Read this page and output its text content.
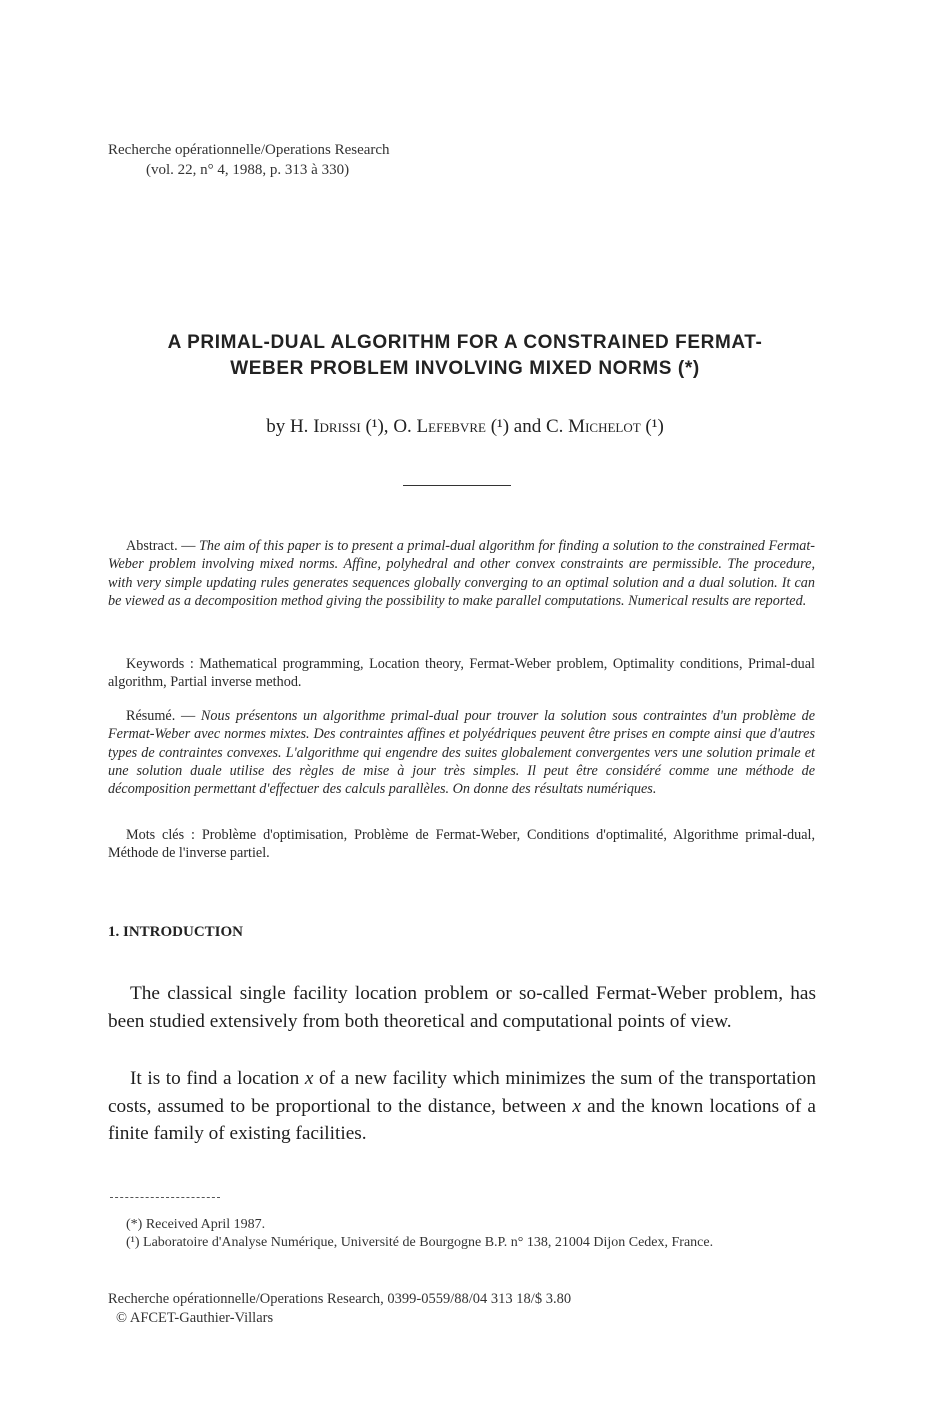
Recherche opérationnelle/Operations Research
(vol. 22, n° 4, 1988, p. 313 à 330)
A PRIMAL-DUAL ALGORITHM FOR A CONSTRAINED FERMAT-
WEBER PROBLEM INVOLVING MIXED NORMS (*)
by H. Idrissi (¹), O. Lefebvre (¹) and C. Michelot (¹)
Abstract. — The aim of this paper is to present a primal-dual algorithm for finding a solution to the constrained Fermat-Weber problem involving mixed norms. Affine, polyhedral and other convex constraints are permissible. The procedure, with very simple updating rules generates sequences globally converging to an optimal solution and a dual solution. It can be viewed as a decomposition method giving the possibility to make parallel computations. Numerical results are reported.
Keywords : Mathematical programming, Location theory, Fermat-Weber problem, Optimality conditions, Primal-dual algorithm, Partial inverse method.
Résumé. — Nous présentons un algorithme primal-dual pour trouver la solution sous contraintes d'un problème de Fermat-Weber avec normes mixtes. Des contraintes affines et polyédriques peuvent être prises en compte ainsi que d'autres types de contraintes convexes. L'algorithme qui engendre des suites globalement convergentes vers une solution primale et une solution duale utilise des règles de mise à jour très simples. Il peut être considéré comme une méthode de décomposition permettant d'effectuer des calculs parallèles. On donne des résultats numériques.
Mots clés : Problème d'optimisation, Problème de Fermat-Weber, Conditions d'optimalité, Algorithme primal-dual, Méthode de l'inverse partiel.
1. INTRODUCTION
The classical single facility location problem or so-called Fermat-Weber problem, has been studied extensively from both theoretical and computational points of view.
It is to find a location x of a new facility which minimizes the sum of the transportation costs, assumed to be proportional to the distance, between x and the known locations of a finite family of existing facilities.
(*) Received April 1987.
(¹) Laboratoire d'Analyse Numérique, Université de Bourgogne B.P. n° 138, 21004 Dijon Cedex, France.
Recherche opérationnelle/Operations Research, 0399-0559/88/04 313 18/$ 3.80
© AFCET-Gauthier-Villars
